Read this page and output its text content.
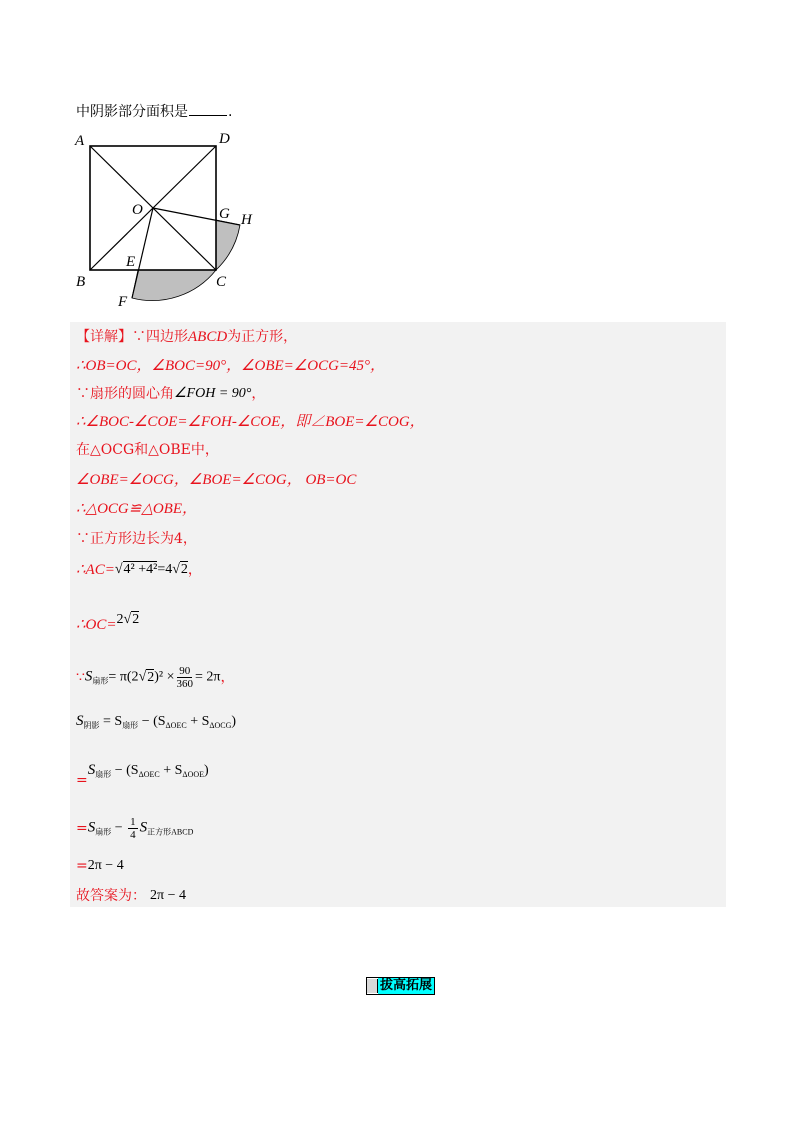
中阴影部分面积是	.
A	D
O	G H
E
B	C
F
【详解】∵四边形ABCD为正方形，
∴OB=OC，∠BOC=90°，∠OBE=∠OCG=45°，
∵扇形的圆心角∠FOH = 90°，
∴∠BOC-∠COE=∠FOH-∠COE，即∠BOE=∠COG，
在△OCG和△OBE中，
∠OBE=∠OCG，∠BOE=∠COG， OB=OC
∴△OCG≌△OBE，
∵正方形边长为4，
∴AC=√4² +4²=4√2，
∴OC=2√2
$\because S_{扇形}= \pi(2√2)^2 \times \frac{90}{360} = 2\pi$，
$S_{阴影} = S_{扇形} - (S_{\Delta OEC} + S_{\Delta OCG})$
$=S_{扇形} - (S_{\Delta OEC} + S_{\Delta OOE})$
$=S_{扇形} - \frac{1}{4} S_{正方形ABCD}$
=2π − 4
故答案为： 2π − 4
拔高拓展
